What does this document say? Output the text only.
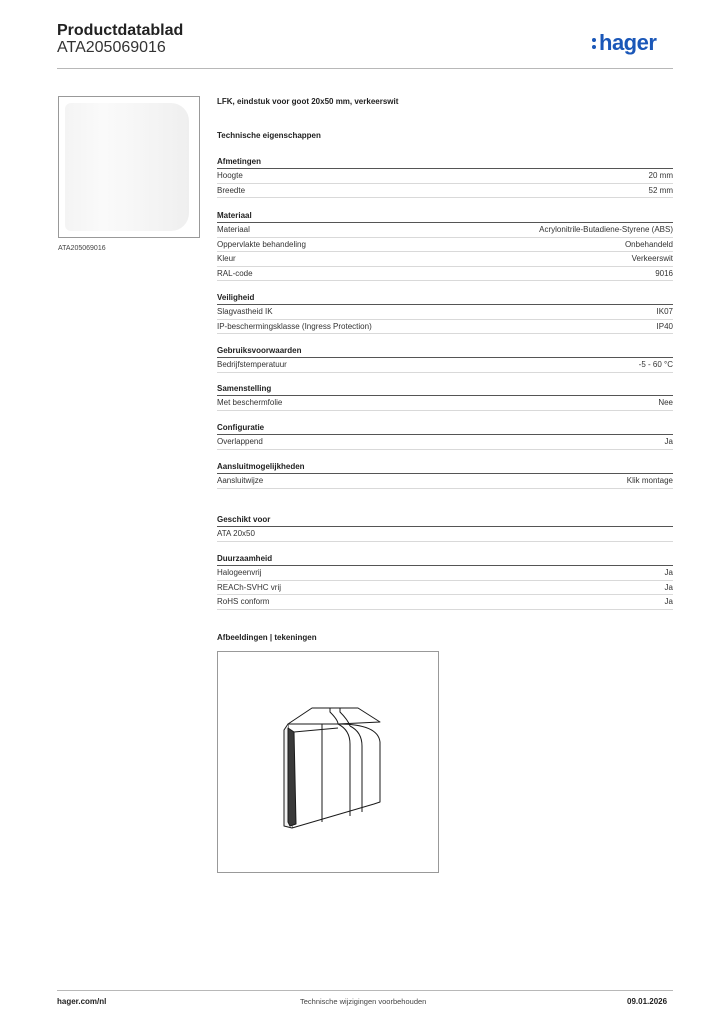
Productdatablad
ATA205069016	hager
ATA205069016
LFK, eindstuk voor goot 20x50 mm, verkeerswit
Technische eigenschappen
Afmetingen
Hoogte	20 mm
Breedte	52 mm
Materiaal
Materiaal	Acrylonitrile-Butadiene-Styrene (ABS)
Oppervlakte behandeling	Onbehandeld
Kleur	Verkeerswit
RAL-code	9016
Veiligheid
Slagvastheid IK	IK07
IP-beschermingsklasse (Ingress Protection)	IP40
Gebruiksvoorwaarden
Bedrijfstemperatuur	-5 - 60 °C
Samenstelling
Met beschermfolie	Nee
Configuratie
Overlappend	Ja
Aansluitmogelijkheden
Aansluitwijze	Klik montage
Geschikt voor
ATA 20x50
Duurzaamheid
Halogeenvrij	Ja
REACh-SVHC vrij	Ja
RoHS conform	Ja
Afbeeldingen | tekeningen
hager.com/nl	Technische wijzigingen voorbehouden	09.01.2026
